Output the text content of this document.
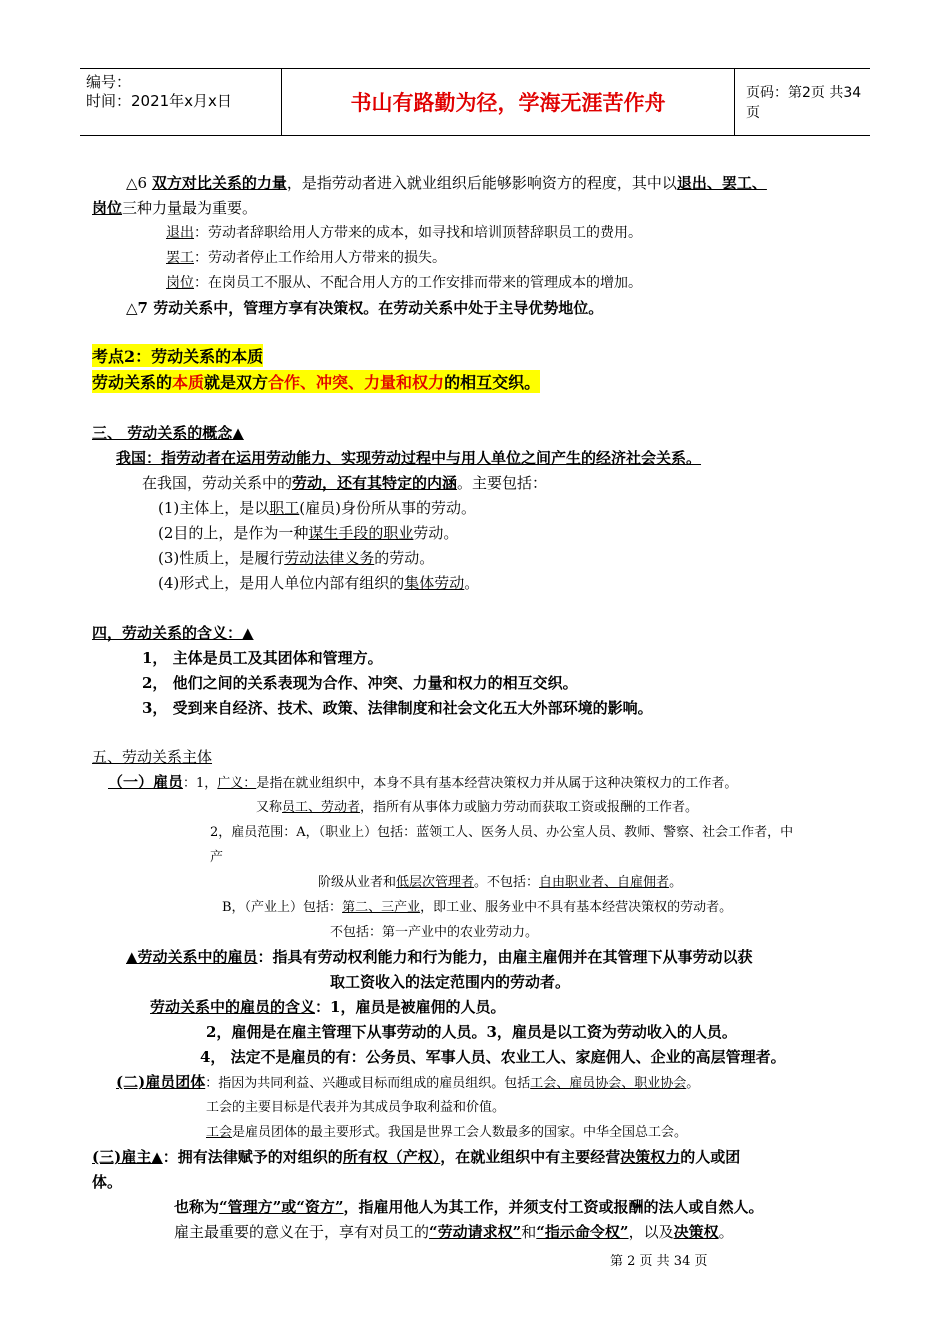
编号：
时间：2021年x月x日	书山有路勤为径，学海无涯苦作舟	页码：第2页 共34页
△6 双方对比关系的力量，是指劳动者进入就业组织后能够影响资方的程度，其中以退出、罢工、
岗位三种力量最为重要。
退出：劳动者辞职给用人方带来的成本，如寻找和培训顶替辞职员工的费用。
罢工：劳动者停止工作给用人方带来的损失。
岗位：在岗员工不服从、不配合用人方的工作安排而带来的管理成本的增加。
△7 劳动关系中，管理方享有决策权。在劳动关系中处于主导优势地位。
考点2：劳动关系的本质
劳动关系的本质就是双方合作、冲突、力量和权力的相互交织。
三、 劳动关系的概念▲
我国：指劳动者在运用劳动能力、实现劳动过程中与用人单位之间产生的经济社会关系。
在我国，劳动关系中的劳动，还有其特定的内涵。主要包括：
(1)主体上，是以职工(雇员)身份所从事的劳动。
(2目的上，是作为一种谋生手段的职业劳动。
(3)性质上，是履行劳动法律义务的劳动。
(4)形式上，是用人单位内部有组织的集体劳动。
四，劳动关系的含义：▲
1， 主体是员工及其团体和管理方。
2， 他们之间的关系表现为合作、冲突、力量和权力的相互交织。
3， 受到来自经济、技术、政策、法律制度和社会文化五大外部环境的影响。
五、劳动关系主体
（一）雇员：1，广义：是指在就业组织中，本身不具有基本经营决策权力并从属于这种决策权力的工作者。
又称员工、劳动者，指所有从事体力或脑力劳动而获取工资或报酬的工作者。
2，雇员范围：A，（职业上）包括：蓝领工人、医务人员、办公室人员、教师、警察、社会工作者，中
产
阶级从业者和低层次管理者。不包括：自由职业者、自雇佣者。
B，（产业上）包括：第二、三产业，即工业、服务业中不具有基本经营决策权的劳动者。
不包括：第一产业中的农业劳动力。
▲劳动关系中的雇员：指具有劳动权利能力和行为能力，由雇主雇佣并在其管理下从事劳动以获
取工资收入的法定范围内的劳动者。
劳动关系中的雇员的含义：1，雇员是被雇佣的人员。
2，雇佣是在雇主管理下从事劳动的人员。3，雇员是以工资为劳动收入的人员。
4， 法定不是雇员的有：公务员、军事人员、农业工人、家庭佣人、企业的高层管理者。
(二)雇员团体：指因为共同利益、兴趣或目标而组成的雇员组织。包括工会、雇员协会、职业协会。
工会的主要目标是代表并为其成员争取利益和价值。
工会是雇员团体的最主要形式。我国是世界工会人数最多的国家。中华全国总工会。
(三)雇主▲：拥有法律赋予的对组织的所有权（产权），在就业组织中有主要经营决策权力的人或团
体。
也称为“管理方”或“资方”，指雇用他人为其工作，并须支付工资或报酬的法人或自然人。
雇主最重要的意义在于，享有对员工的“劳动请求权”和“指示命令权”，以及决策权。
第 2 页 共 34 页
